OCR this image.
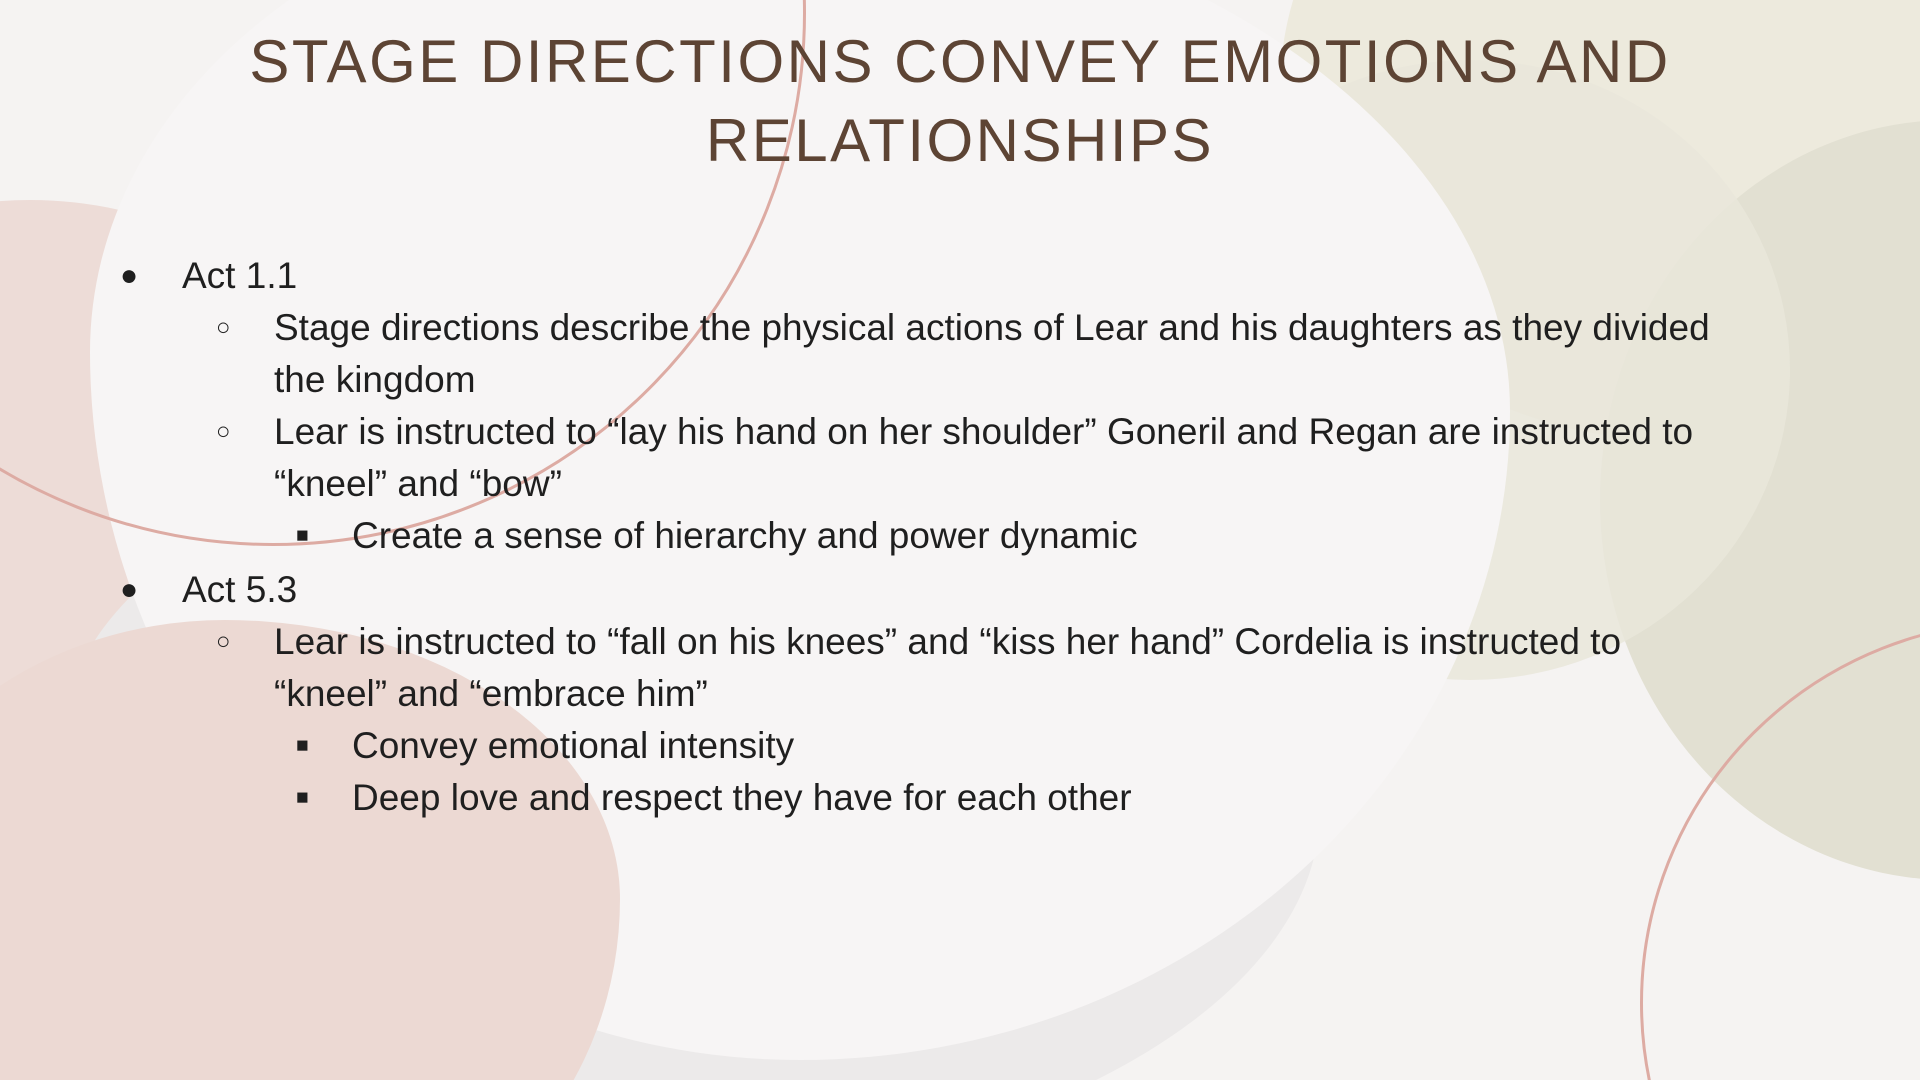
STAGE DIRECTIONS CONVEY EMOTIONS AND RELATIONSHIPS
●	Act 1.1
○	Stage directions describe the physical actions of Lear and his daughters as they divided the kingdom
○	Lear is instructed to “lay his hand on her shoulder” Goneril and Regan are instructed to “kneel” and “bow”
■	Create a sense of hierarchy and power dynamic
●	Act 5.3
○	Lear is instructed to “fall on his knees” and “kiss her hand” Cordelia is instructed to “kneel” and “embrace him”
■	Convey emotional intensity
■	Deep love and respect they have for each other
